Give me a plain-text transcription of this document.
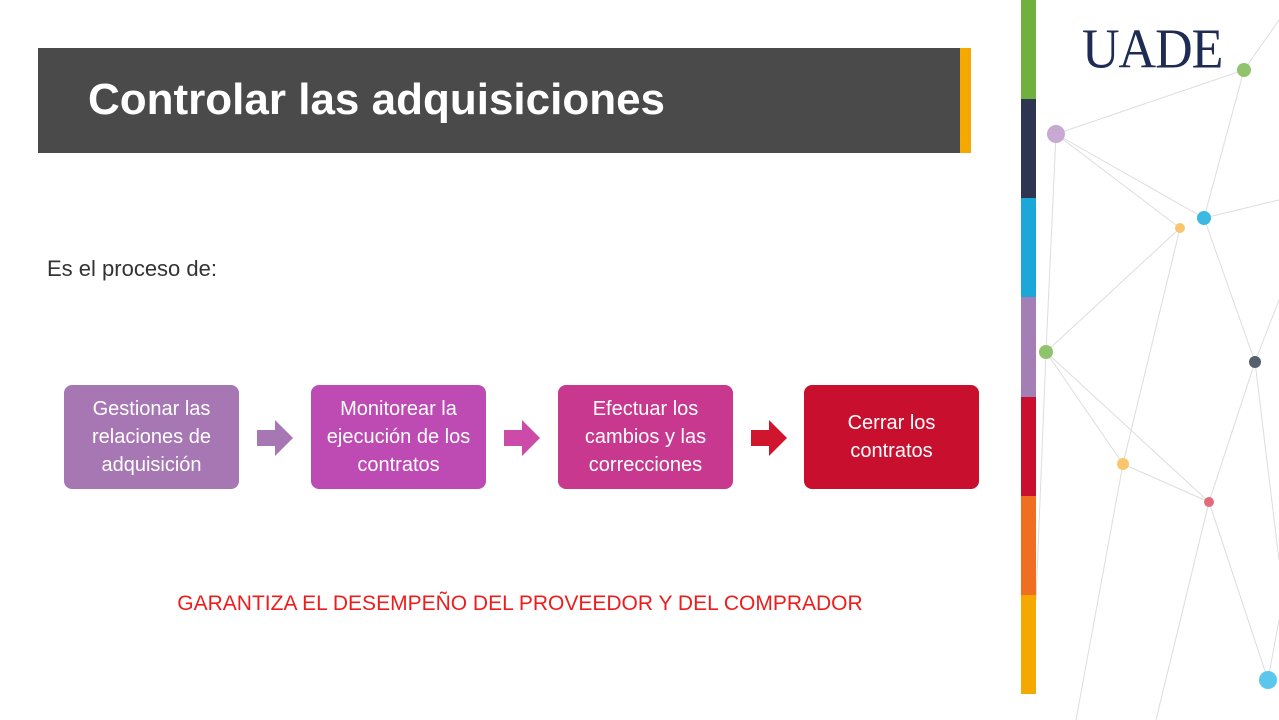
Controlar las adquisiciones
Es el proceso de:
Gestionar las relaciones de adquisición
Monitorear la ejecución de los contratos
Efectuar los cambios y las correcciones
Cerrar los contratos
GARANTIZA EL DESEMPEÑO DEL PROVEEDOR Y DEL COMPRADOR
UADE
